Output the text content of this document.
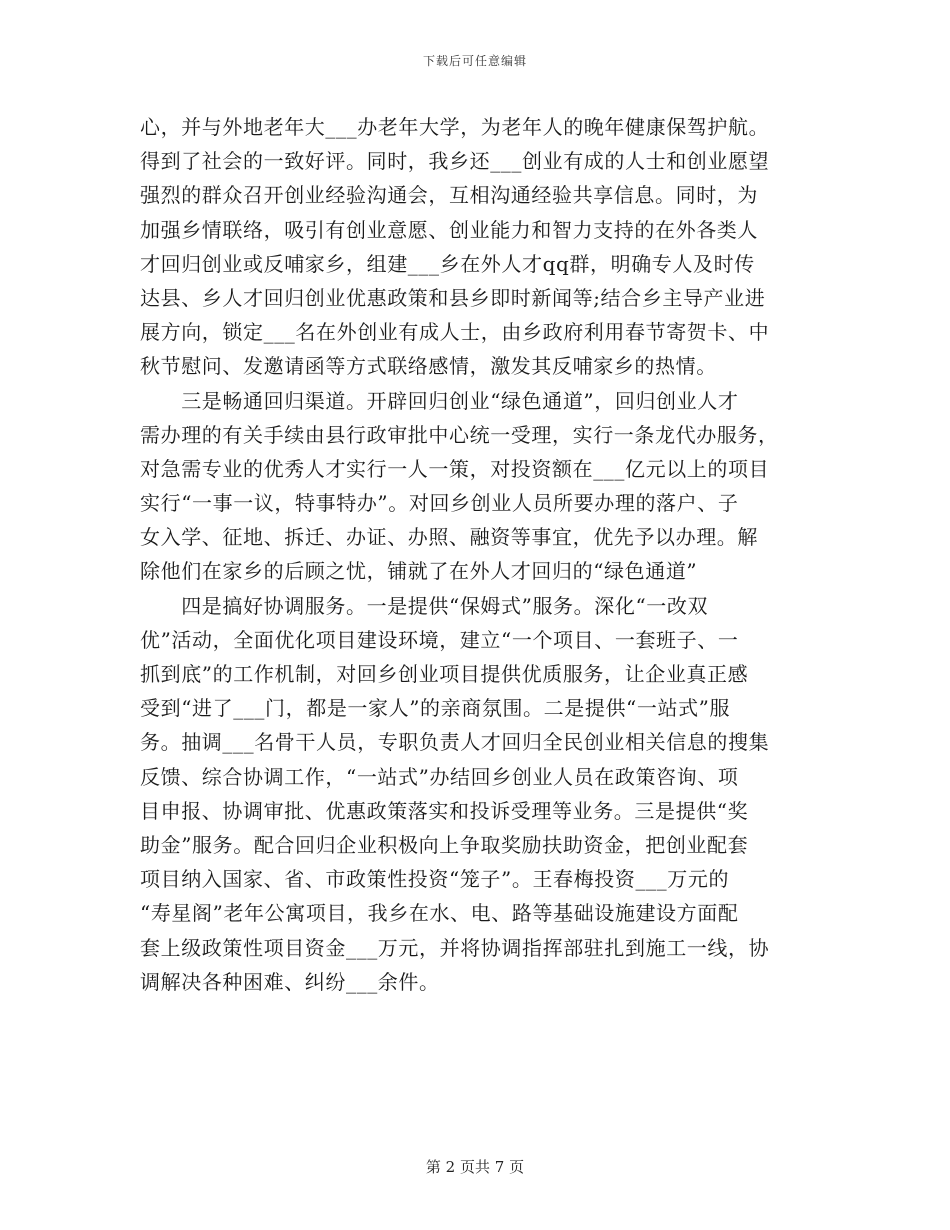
下载后可任意编辑
心，并与外地老年大___办老年大学，为老年人的晚年健康保驾护航。
得到了社会的一致好评。同时，我乡还___创业有成的人士和创业愿望
强烈的群众召开创业经验沟通会，互相沟通经验共享信息。同时，为
加强乡情联络，吸引有创业意愿、创业能力和智力支持的在外各类人
才回归创业或反哺家乡，组建___乡在外人才qq群，明确专人及时传
达县、乡人才回归创业优惠政策和县乡即时新闻等;结合乡主导产业进
展方向，锁定___名在外创业有成人士，由乡政府利用春节寄贺卡、中
秋节慰问、发邀请函等方式联络感情，激发其反哺家乡的热情。
　　三是畅通回归渠道。开辟回归创业“绿色通道”，回归创业人才
需办理的有关手续由县行政审批中心统一受理，实行一条龙代办服务，
对急需专业的优秀人才实行一人一策，对投资额在___亿元以上的项目
实行“一事一议，特事特办”。对回乡创业人员所要办理的落户、子
女入学、征地、拆迁、办证、办照、融资等事宜，优先予以办理。解
除他们在家乡的后顾之忧，铺就了在外人才回归的“绿色通道”
　　四是搞好协调服务。一是提供“保姆式”服务。深化“一改双
优”活动，全面优化项目建设环境，建立“一个项目、一套班子、一
抓到底”的工作机制，对回乡创业项目提供优质服务，让企业真正感
受到“进了___门，都是一家人”的亲商氛围。二是提供“一站式”服
务。抽调___名骨干人员，专职负责人才回归全民创业相关信息的搜集
反馈、综合协调工作，“一站式”办结回乡创业人员在政策咨询、项
目申报、协调审批、优惠政策落实和投诉受理等业务。三是提供“奖
助金”服务。配合回归企业积极向上争取奖励扶助资金，把创业配套
项目纳入国家、省、市政策性投资“笼子”。王春梅投资___万元的
“寿星阁”老年公寓项目，我乡在水、电、路等基础设施建设方面配
套上级政策性项目资金___万元，并将协调指挥部驻扎到施工一线，协
调解决各种困难、纠纷___余件。
第 2 页共 7 页
